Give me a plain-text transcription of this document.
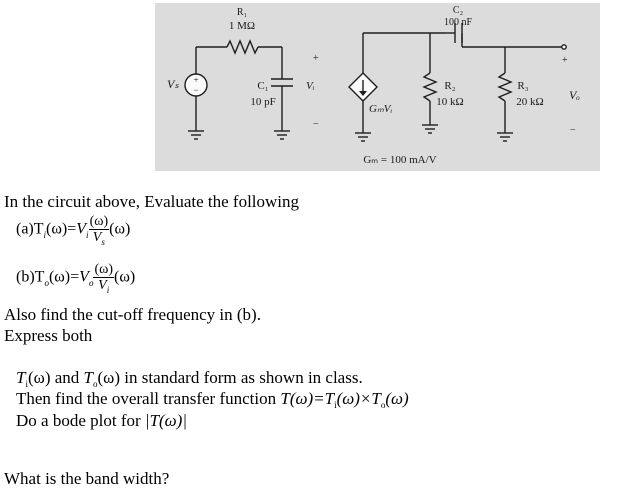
+
−
R₁
1 MΩ
C₂
100 nF
C₁
10 pF
R₂
10 kΩ
R₃
20 kΩ
Vₛ	Vᵢ
Vₒ
GₘVᵢ
Gₘ = 100 mA/V
+
−
+
−
In the circuit above, Evaluate the following
$(a)T_i(\omega)=V_i \frac{(\omega)}{V_s} (\omega)$
$(b)T_o(\omega)=V_o \frac{(\omega)}{V_i} (\omega)$
Also find the cut-off frequency in (b).
Express both
$T_i(\omega)$ and $T_o(\omega)$ in standard form as shown in class.
Then find the overall transfer function $T(\omega)=T_i(\omega)\times T_o(\omega)$
Do a bode plot for |T(ω)|
What is the band width?
